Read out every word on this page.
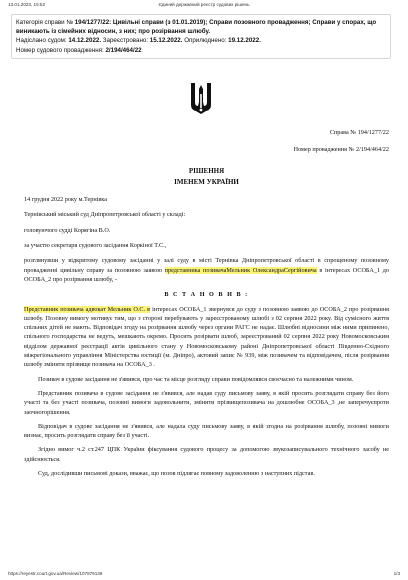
13.01.2023, 15:52	Єдиний державний реєстр судових рішень
Категорія справи № 194/1277/22: Цивільні справи (з 01.01.2019); Справи позовного провадження; Справи у спорах, що виникають із сімейних відносин, з них; про розірвання шлюбу.
Надіслано судом: 14.12.2022. Зареєстровано: 15.12.2022. Оприлюднено: 19.12.2022.
Номер судового провадження: 2/194/464/22

Справа № 194/1277/22

Номер провадження № 2/194/464/22

РІШЕННЯ

ІМЕНЕМ УКРАЇНИ

14 грудня 2022 року м.Тернівка

Тернівський міський суд Дніпропетровської області у складі:

головуючого судді Корягіна В.О.

за участю секретаря судового засідання Коркіної Т.С.,

розглянувши у відкритому судовому засіданні у залі суду в місті Тернівка Дніпропетровської області в спрощеному позовному провадженні цивільну справу за позовною заявою представника позивачаМельник ОлександраСергійовича в інтересах ОСОБА_1 до ОСОБА_2 про розірвання шлюбу, -

В С Т А Н О В И В :

Представник позивача адвокат Мельник О.С. в інтересах ОСОБА_1 звернувся до суду з позовною заявою до ОСОБА_2 про розірвання шлюбу. Позовну вимогу мотивує тим, що з стороні перебувають у зареєстрованому шлюбі з 02 серпня 2022 року. Від сумісного життя спільних дітей не мають. Відповідач згоду на розірвання шлюбу через органи РАГС не надає. Шлюбні відносини між ними припинено, спільного господарства не ведуть, мешкають окремо. Просить розірвати шлюб, зареєстрований 02 серпня 2022 року Новомосковським відділом державної реєстрації актів цивільного стану у Новомосковському районі Дніпропетровської області Південно-Східного міжрегіонального управління Міністерства юстиції (м. Дніпро), актовий запис № 939, між позивачем та відповідачем, після розірвання шлюбу змінити прізвище позивача на ОСОБА_3 .

Позивач в судове засідання не з'явився, про час та місце розгляду справи повідомлявся своєчасно та належними чином.

Представник позивача в судове засідання не з'явився, але надав суду письмову заяву, в якій просить розглядати справу без його участі та без участі позивача, позовні вимоги задовольнити, змінити прізвищепозивача на дошлюбне ОСОБА_3 ,не заперечуєпроти заочногорішення.

Відповідач в судове засідання не з'явився, але надала суду письмову заяву, в якій згодна на розірвання шлюбу, позовні вимоги визнає, просить розглядати справу без її участі.

Згідно вимог ч.2 ст.247 ЦПК України фіксування судового процесу за допомогою звукозаписувального технічного засобу не здійснюється.

Суд, дослідивши письмові докази, вважає, що позов підлягає повному задоволенню з наступних підстав.

https://reyestr.court.gov.ua/Review/107879138	1/3
